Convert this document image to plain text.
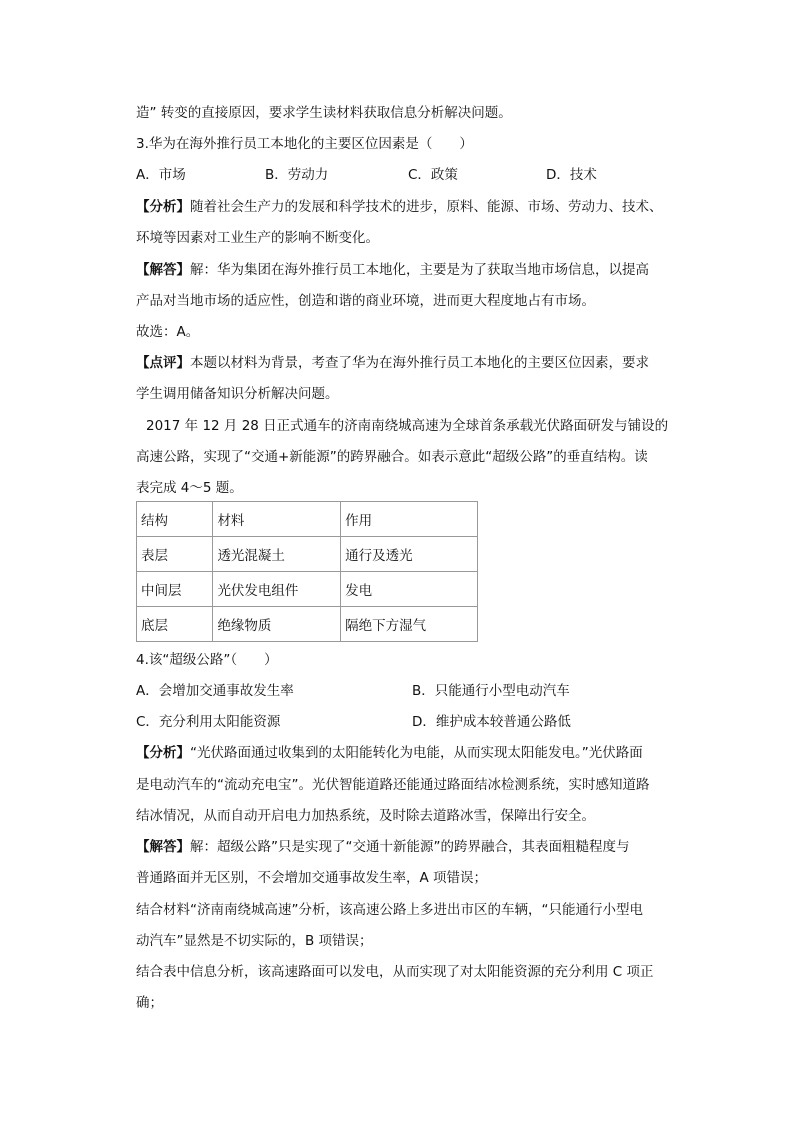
造” 转变的直接原因，要求学生读材料获取信息分析解决问题。
3.华为在海外推行员工本地化的主要区位因素是（　　）
A．市场	B．劳动力	C．政策	D．技术
【分析】随着社会生产力的发展和科学技术的进步，原料、能源、市场、劳动力、技术、
环境等因素对工业生产的影响不断变化。
【解答】解：华为集团在海外推行员工本地化，主要是为了获取当地市场信息，以提高
产品对当地市场的适应性，创造和谐的商业环境，进而更大程度地占有市场。
故选：A。
【点评】本题以材料为背景，考查了华为在海外推行员工本地化的主要区位因素，要求
学生调用储备知识分析解决问题。
2017 年 12 月 28 日正式通车的济南南绕城高速为全球首条承载光伏路面研发与铺设的
高速公路，实现了“交通+新能源”的跨界融合。如表示意此“超级公路”的垂直结构。读
表完成 4～5 题。
结构	材料	作用
表层	透光混凝土	通行及透光
中间层	光伏发电组件	发电
底层	绝缘物质	隔绝下方湿气
4.该“超级公路”（　　）
A．会增加交通事故发生率	B．只能通行小型电动汽车
C．充分利用太阳能资源	D．维护成本较普通公路低
【分析】“光伏路面通过收集到的太阳能转化为电能，从而实现太阳能发电。”光伏路面
是电动汽车的“流动充电宝”。光伏智能道路还能通过路面结冰检测系统，实时感知道路
结冰情况，从而自动开启电力加热系统，及时除去道路冰雪，保障出行安全。
【解答】解：超级公路”只是实现了“交通十新能源”的跨界融合，其表面粗糙程度与
普通路面并无区别，不会增加交通事故发生率，A 项错误；
结合材料“济南南绕城高速”分析，该高速公路上多进出市区的车辆，“只能通行小型电
动汽车”显然是不切实际的，B 项错误；
结合表中信息分析，该高速路面可以发电，从而实现了对太阳能资源的充分利用 C 项正
确；
